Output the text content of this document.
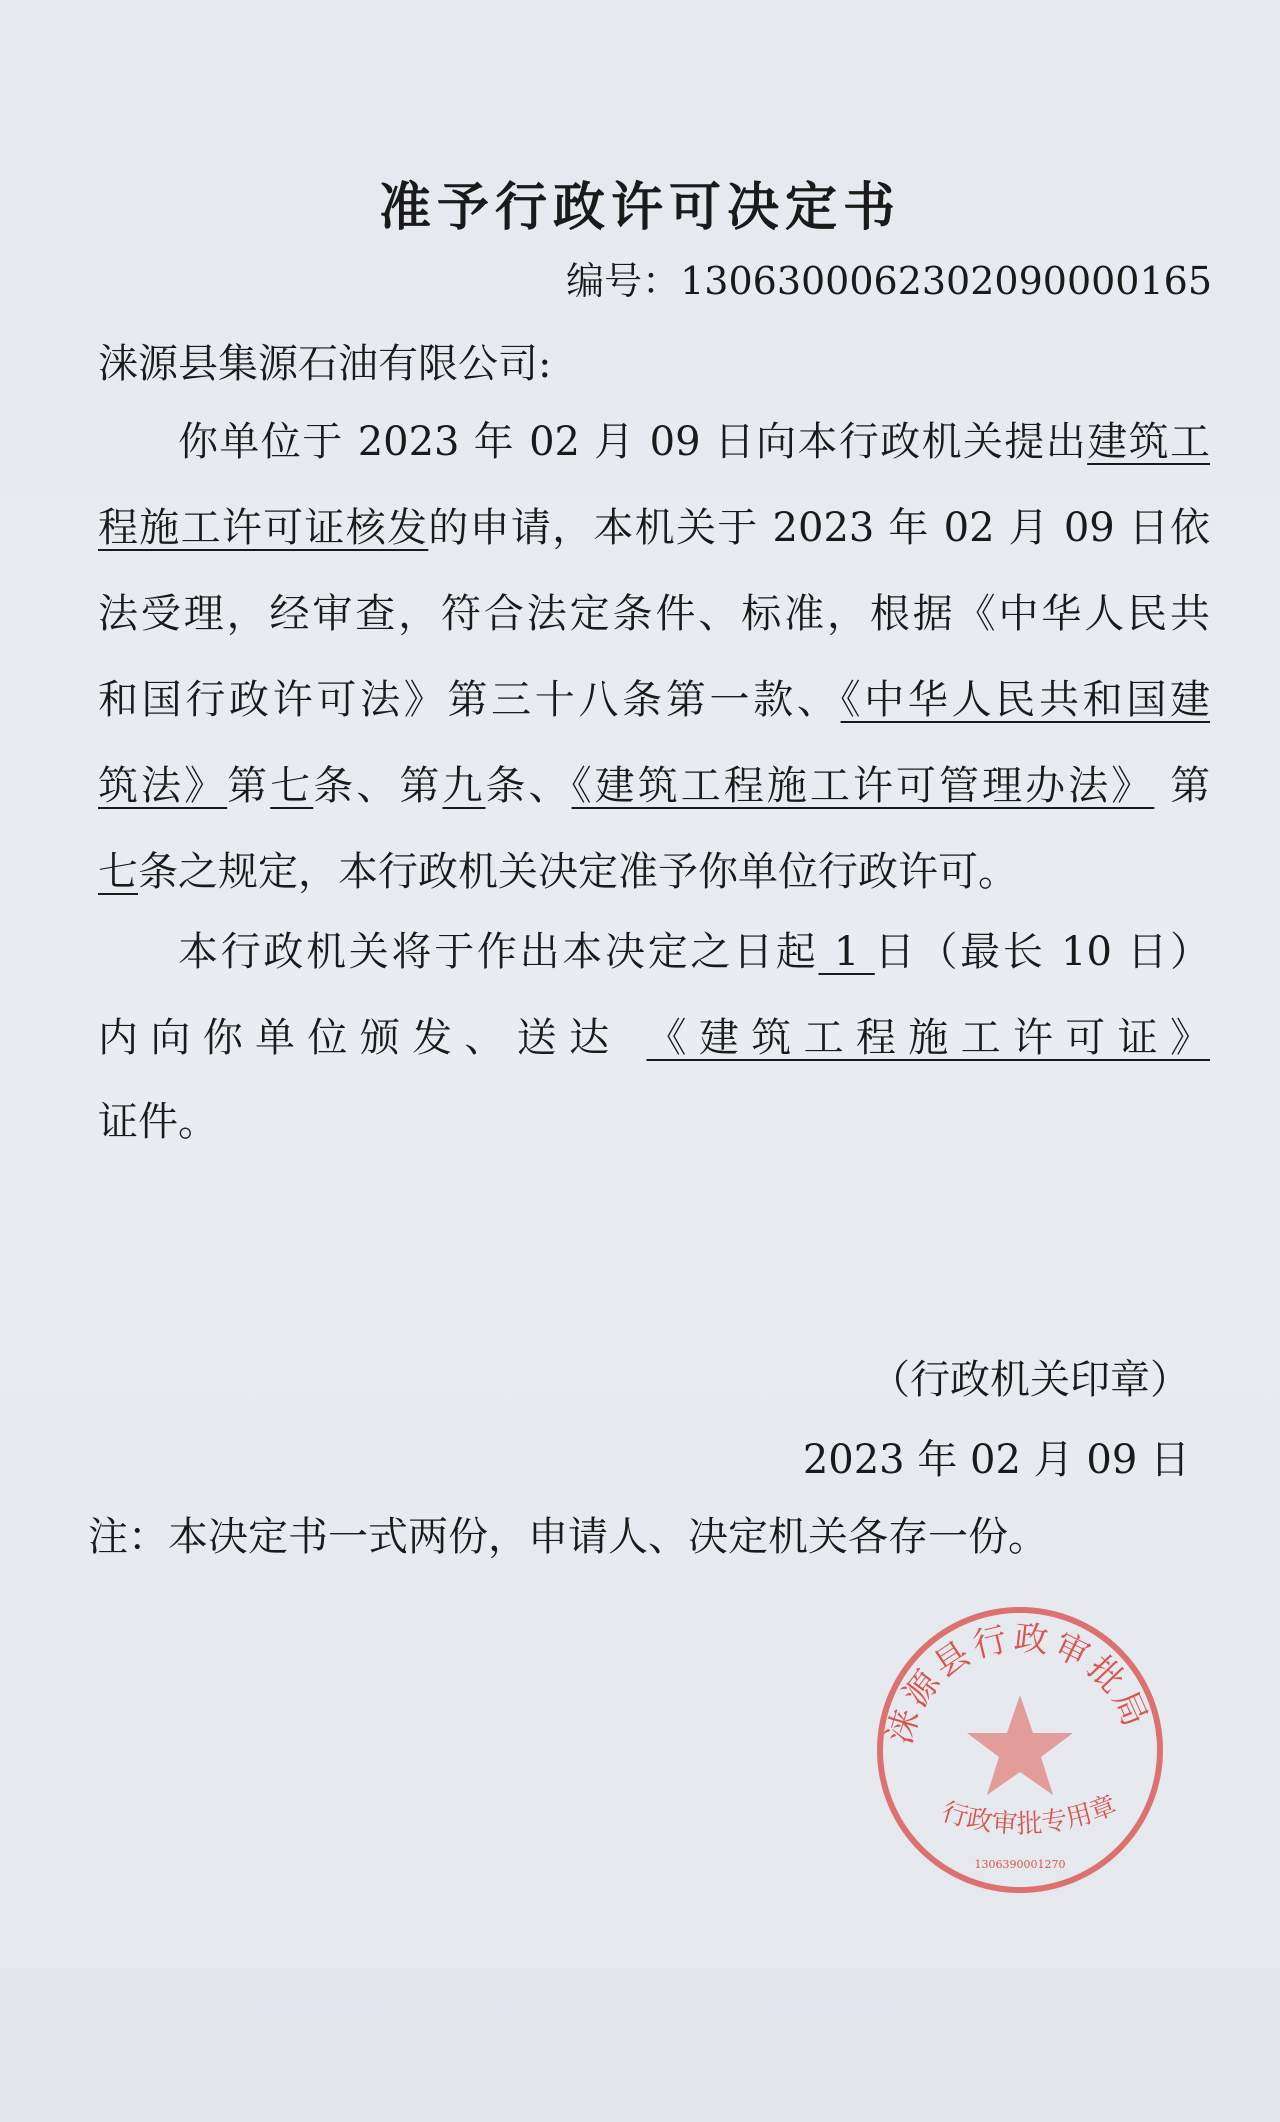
准予行政许可决定书
编号：1306300062302090000165
涞源县集源石油有限公司:
你单位于 2023 年 02 月 09 日向本行政机关提出建筑工
程施工许可证核发的申请，本机关于 2023 年 02 月 09 日依
法受理，经审查，符合法定条件、标准，根据《中华人民共
和国行政许可法》第三十八条第一款、《中华人民共和国建
筑法》第七条、第九条、《建筑工程施工许可管理办法》 第
七条之规定，本行政机关决定准予你单位行政许可。
本行政机关将于作出本决定之日起 1 日（最长 10 日）
内向你单位颁发、送达 《建筑工程施工许可证》
证件。
涞源县行政审批局
行政审批专用章
1306390001270
（行政机关印章）
2023 年 02 月 09 日
注：本决定书一式两份，申请人、决定机关各存一份。
